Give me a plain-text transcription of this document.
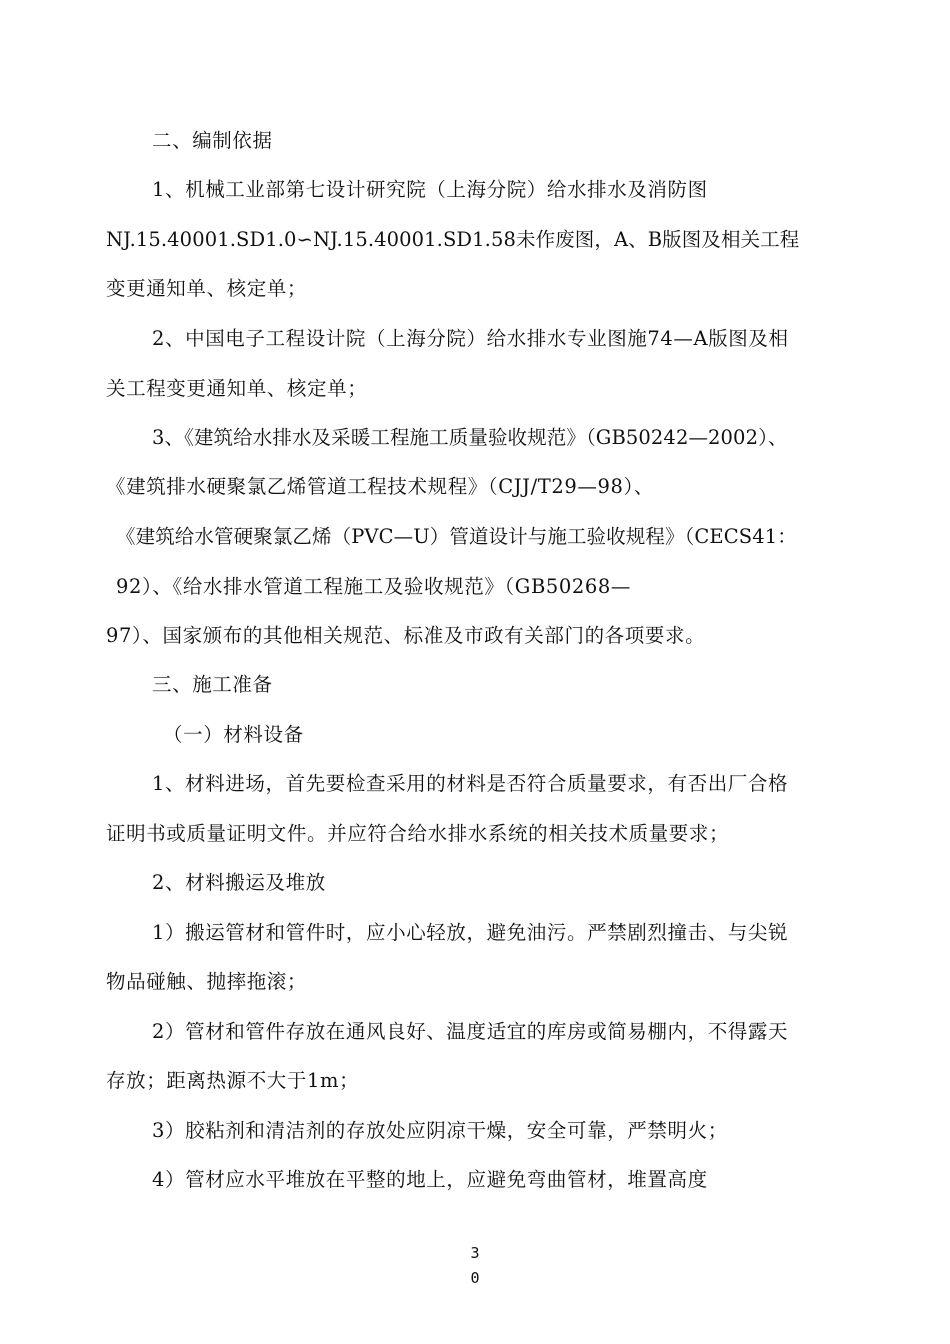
二、编制依据

1、机械工业部第七设计研究院（上海分院）给水排水及消防图

NJ.15.40001.SD1.0∽NJ.15.40001.SD1.58未作废图，A、B版图及相关工程

变更通知单、核定单；

2、中国电子工程设计院（上海分院）给水排水专业图施74—A版图及相

关工程变更通知单、核定单；

3、《建筑给水排水及采暖工程施工质量验收规范》（GB50242—2002）、

《建筑排水硬聚氯乙烯管道工程技术规程》（CJJ/T29—98）、

《建筑给水管硬聚氯乙烯（PVC—U）管道设计与施工验收规程》（CECS41：

92）、《给水排水管道工程施工及验收规范》（GB50268—

97）、国家颁布的其他相关规范、标准及市政有关部门的各项要求。

三、施工准备

（一）材料设备

1、材料进场，首先要检查采用的材料是否符合质量要求，有否出厂合格

证明书或质量证明文件。并应符合给水排水系统的相关技术质量要求；

2、材料搬运及堆放

1）搬运管材和管件时，应小心轻放，避免油污。严禁剧烈撞击、与尖锐

物品碰触、抛摔拖滚；

2）管材和管件存放在通风良好、温度适宜的库房或简易棚内，不得露天

存放；距离热源不大于1m；

3）胶粘剂和清洁剂的存放处应阴凉干燥，安全可靠，严禁明火；

4）管材应水平堆放在平整的地上，应避免弯曲管材，堆置高度

3
0
